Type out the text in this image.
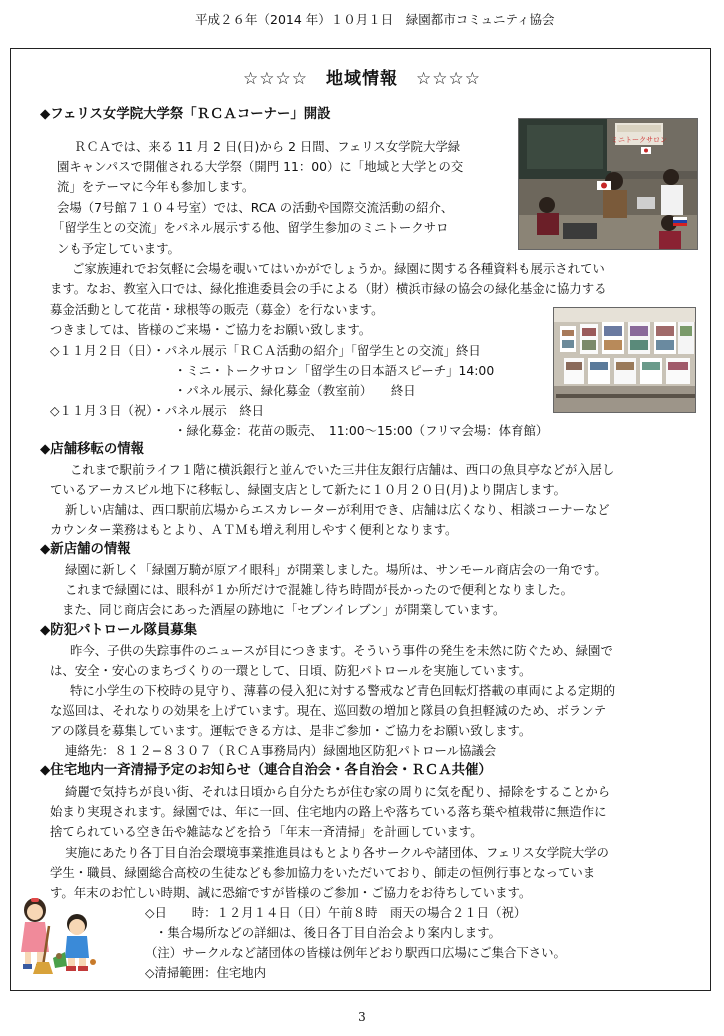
平成２６年（2014 年）１０月１日　緑園都市コミュニティ協会
☆☆☆☆　地域情報　☆☆☆☆
◆フェリス女学院大学祭「ＲＣＡコーナー」開設
ＲＣＡでは、来る 11 月 2 日(日)から 2 日間、フェリス女学院大学緑
園キャンパスで開催される大学祭（開門 11：00）に「地域と大学との交
流」をテーマに今年も参加します。
会場（7号館７１０４号室）では、RCA の活動や国際交流活動の紹介、
「留学生との交流」をパネル展示する他、留学生参加のミニトークサロ
ンも予定しています。
ご家族連れでお気軽に会場を覗いてはいかがでしょうか。緑園に関する各種資料も展示されてい
ます。なお、教室入口では、緑化推進委員会の手による（財）横浜市緑の協会の緑化基金に協力する
募金活動として花苗・球根等の販売（募金）を行ないます。
つきましては、皆様のご来場・ご協力をお願い致します。
◇１１月２日（日）・パネル展示「ＲＣＡ活動の紹介」「留学生との交流」終日
・ミニ・トークサロン「留学生の日本語スピーチ」14:00
・パネル展示、緑化募金（教室前）　　終日
◇１１月３日（祝）・パネル展示　終日
・緑化募金：花苗の販売、　11:00～15:00（フリマ会場：体育館）
◆店舗移転の情報
これまで駅前ライフ１階に横浜銀行と並んでいた三井住友銀行店舗は、西口の魚貝亭などが入居し
ているアーカスビル地下に移転し、緑園支店として新たに１０月２０日(月)より開店します。
新しい店舗は、西口駅前広場からエスカレーターが利用でき、店舗は広くなり、相談コーナーなど
カウンター業務はもとより、ＡＴＭも増え利用しやすく便利となります。
◆新店舗の情報
緑園に新しく「緑園万騎が原アイ眼科」が開業しました。場所は、サンモール商店会の一角です。
これまで緑園には、眼科が１か所だけで混雑し待ち時間が長かったので便利となりました。
また、同じ商店会にあった酒屋の跡地に「セブンイレブン」が開業しています。
◆防犯パトロール隊員募集
昨今、子供の失踪事件のニュースが目につきます。そういう事件の発生を未然に防ぐため、緑園で
は、安全・安心のまちづくりの一環として、日頃、防犯パトロールを実施しています。
特に小学生の下校時の見守り、薄暮の侵入犯に対する警戒など青色回転灯搭載の車両による定期的
な巡回は、それなりの効果を上げています。現在、巡回数の増加と隊員の負担軽減のため、ボランテ
アの隊員を募集しています。運転できる方は、是非ご参加・ご協力をお願い致します。
連絡先：８１２−８３０７（ＲＣＡ事務局内）緑園地区防犯パトロール協議会
◆住宅地内一斉清掃予定のお知らせ（連合自治会・各自治会・ＲＣＡ共催）
綺麗で気持ちが良い街、それは日頃から自分たちが住む家の周りに気を配り、掃除をすることから
始まり実現されます。緑園では、年に一回、住宅地内の路上や落ちている落ち葉や植栽帯に無造作に
捨てられている空き缶や雑誌などを拾う「年末一斉清掃」を計画しています。
実施にあたり各丁目自治会環境事業推進員はもとより各サークルや諸団体、フェリス女学院大学の
学生・職員、緑園総合高校の生徒なども参加協力をいただいており、師走の恒例行事となっていま
す。年末のお忙しい時期、誠に恐縮ですが皆様のご参加・ご協力をお待ちしています。
◇日　　時：１２月１４日（日）午前８時　雨天の場合２１日（祝）
・集合場所などの詳細は、後日各丁目自治会より案内します。
（注）サークルなど諸団体の皆様は例年どおり駅西口広場にご集合下さい。
◇清掃範囲：住宅地内
ミニトークサロン
3
